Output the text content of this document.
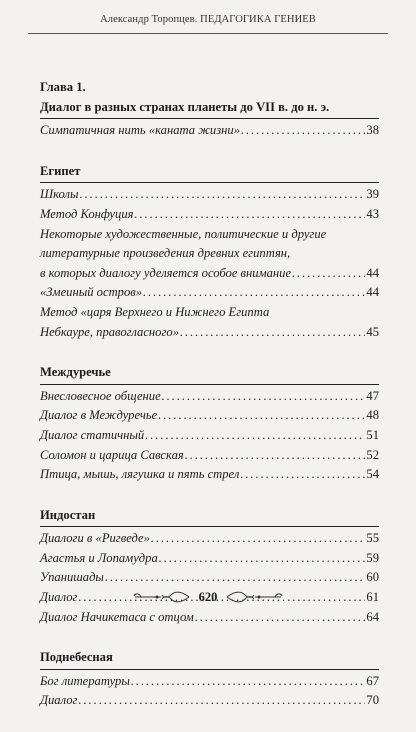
Александр Торопцев. ПЕДАГОГИКА ГЕНИЕВ
Глава 1.
Диалог в разных странах планеты до VII в. до н. э.
Симпатичная нить «каната жизни» . . .	38
Египет
Школы . . .	39
Метод Конфуция . . .	43
Некоторые художественные, политические и другие
литературные произведения древних египтян,
в которых диалогу уделяется особое внимание . . .	44
«Змеиный остров» . . .	44
Метод «царя Верхнего и Нижнего Египта
Небкауре, правогласного» . . .	45
Междуречье
Внесловесное общение . . .	47
Диалог в Междуречье . . .	48
Диалог статичный . . .	51
Соломон и царица Савская . . .	52
Птица, мышь, лягушка и пять стрел . . .	54
Индостан
Диалоги в «Ригведе» . . .	55
Агастья и Лопамудра . . .	59
Упанишады . . .	60
Диалог . . .	61
Диалог Начикетаса с отцом . . .	64
Поднебесная
Бог литературы . . .	67
Диалог . . .	70
620
